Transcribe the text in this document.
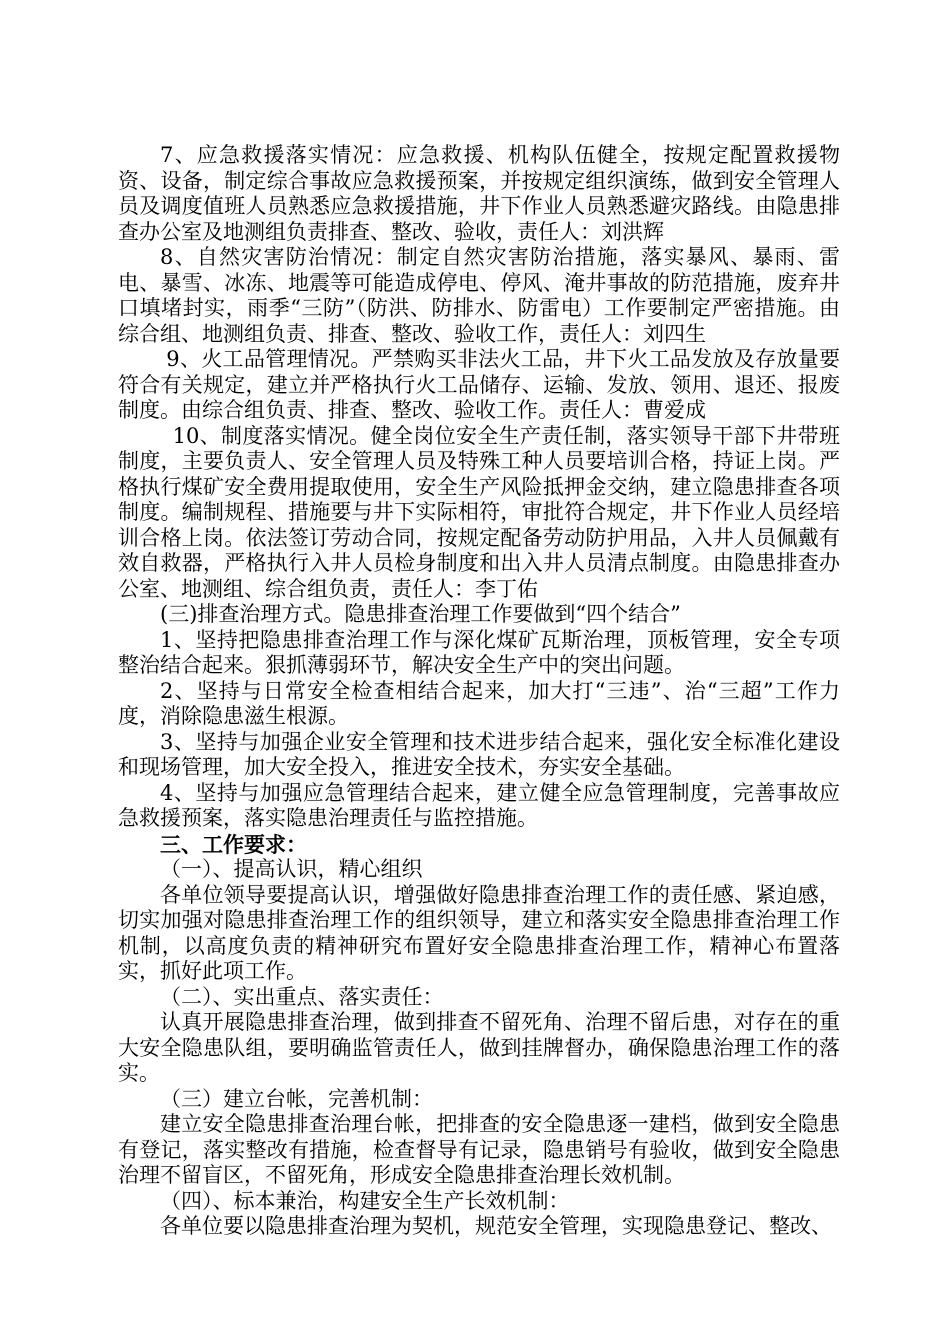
7、应急救援落实情况：应急救援、机构队伍健全，按规定配置救援物资、设备，制定综合事故应急救援预案，并按规定组织演练，做到安全管理人员及调度值班人员熟悉应急救援措施，井下作业人员熟悉避灾路线。由隐患排查办公室及地测组负责排查、整改、验收，责任人：刘洪辉

8、自然灾害防治情况：制定自然灾害防治措施，落实暴风、暴雨、雷电、暴雪、冰冻、地震等可能造成停电、停风、淹井事故的防范措施，废弃井口填堵封实，雨季“三防”（防洪、防排水、防雷电）工作要制定严密措施。由综合组、地测组负责、排查、整改、验收工作，责任人：刘四生

9、火工品管理情况。严禁购买非法火工品，井下火工品发放及存放量要符合有关规定，建立并严格执行火工品储存、运输、发放、领用、退还、报废制度。由综合组负责、排查、整改、验收工作。责任人：曹爱成

10、制度落实情况。健全岗位安全生产责任制，落实领导干部下井带班制度，主要负责人、安全管理人员及特殊工种人员要培训合格，持证上岗。严格执行煤矿安全费用提取使用，安全生产风险抵押金交纳，建立隐患排查各项制度。编制规程、措施要与井下实际相符，审批符合规定，井下作业人员经培训合格上岗。依法签订劳动合同，按规定配备劳动防护用品，入井人员佩戴有效自救器，严格执行入井人员检身制度和出入井人员清点制度。由隐患排查办公室、地测组、综合组负责，责任人：李丁佑

(三)排查治理方式。隐患排查治理工作要做到“四个结合”

1、坚持把隐患排查治理工作与深化煤矿瓦斯治理，顶板管理，安全专项整治结合起来。狠抓薄弱环节，解决安全生产中的突出问题。

2、坚持与日常安全检查相结合起来，加大打“三违”、治“三超”工作力度，消除隐患滋生根源。

3、坚持与加强企业安全管理和技术进步结合起来，强化安全标准化建设和现场管理，加大安全投入，推进安全技术，夯实安全基础。

4、坚持与加强应急管理结合起来，建立健全应急管理制度，完善事故应急救援预案，落实隐患治理责任与监控措施。

三、工作要求：

（一）、提高认识，精心组织

各单位领导要提高认识，增强做好隐患排查治理工作的责任感、紧迫感，切实加强对隐患排查治理工作的组织领导，建立和落实安全隐患排查治理工作机制，以高度负责的精神研究布置好安全隐患排查治理工作，精神心布置落实，抓好此项工作。

（二）、实出重点、落实责任：

认真开展隐患排查治理，做到排查不留死角、治理不留后患，对存在的重大安全隐患队组，要明确监管责任人，做到挂牌督办，确保隐患治理工作的落实。

（三）建立台帐，完善机制：

建立安全隐患排查治理台帐，把排查的安全隐患逐一建档，做到安全隐患有登记，落实整改有措施，检查督导有记录，隐患销号有验收，做到安全隐患治理不留盲区，不留死角，形成安全隐患排查治理长效机制。

（四）、标本兼治，构建安全生产长效机制：

各单位要以隐患排查治理为契机，规范安全管理，实现隐患登记、整改、
